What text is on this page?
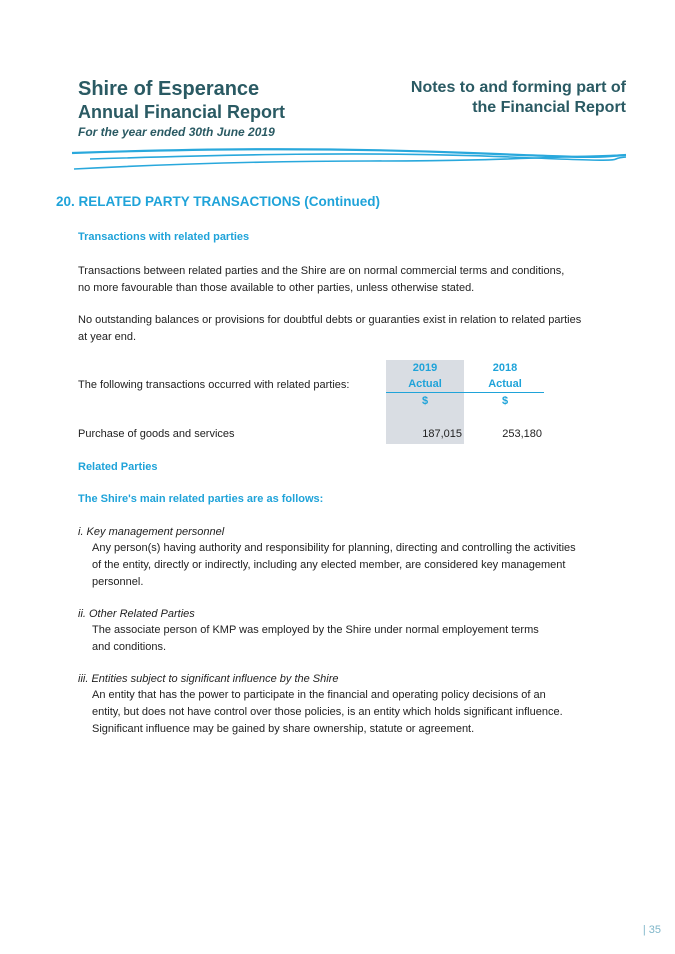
Shire of Esperance
Annual Financial Report
For the year ended 30th June 2019
Notes to and forming part of
the Financial Report
20. RELATED PARTY TRANSACTIONS (Continued)
Transactions with related parties
Transactions between related parties and the Shire are on normal commercial terms and conditions,
no more favourable than those available to other parties, unless otherwise stated.
No outstanding balances or provisions for doubtful debts or guaranties exist in relation to related parties
at year end.
2019
Actual
$
2018
Actual
$
The following transactions occurred with related parties:
Purchase of goods and services	187,015	253,180
Related Parties
The Shire's main related parties are as follows:
i. Key management personnel
Any person(s) having authority and responsibility for planning, directing and controlling the activities
of the entity, directly or indirectly, including any elected member, are considered key management
personnel.
ii. Other Related Parties
The associate person of KMP was employed by the Shire under normal employement terms
and conditions.
iii. Entities subject to significant influence by the Shire
An entity that has the power to participate in the financial and operating policy decisions of an
entity, but does not have control over those policies, is an entity which holds significant influence.
Significant influence may be gained by share ownership, statute or agreement.
| 35
